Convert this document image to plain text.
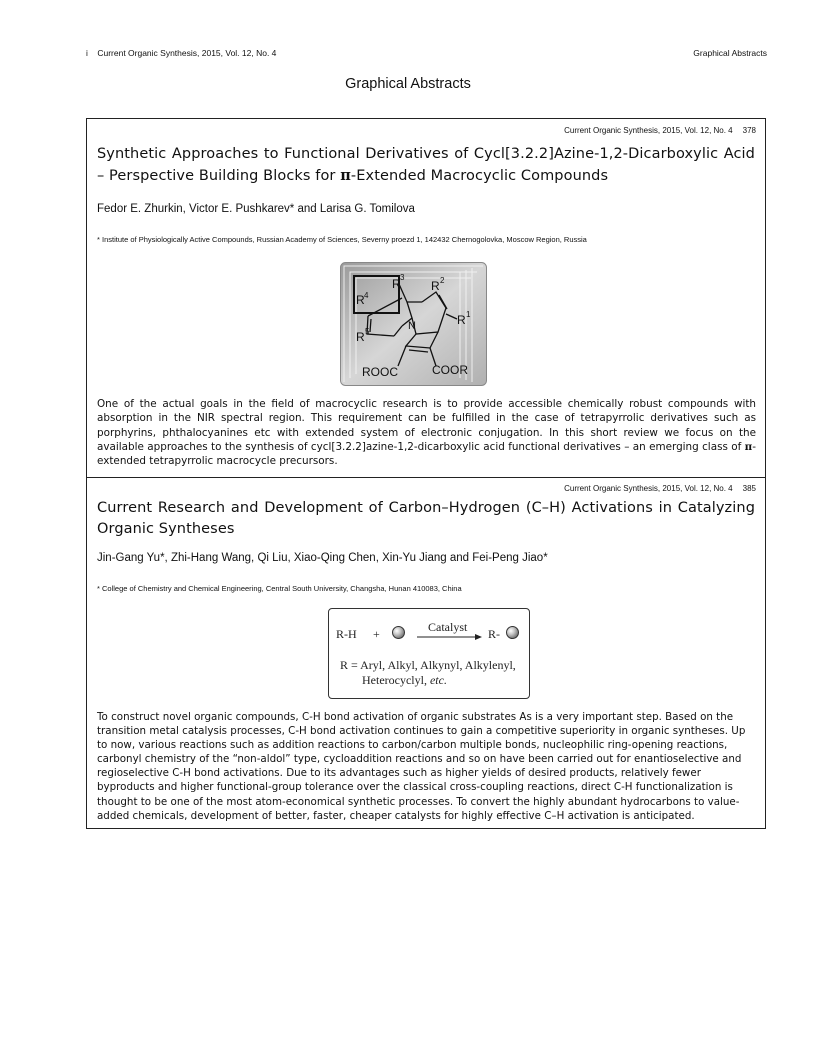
i    Current Organic Synthesis, 2015, Vol. 12, No. 4	Graphical Abstracts
Graphical Abstracts
Current Organic Synthesis, 2015, Vol. 12, No. 4 378
Synthetic Approaches to Functional Derivatives of Cycl[3.2.2]Azine-1,2-Dicarboxylic Acid – Perspective Building Blocks for π-Extended Macrocyclic Compounds
Fedor E. Zhurkin, Victor E. Pushkarev* and Larisa G. Tomilova
* Institute of Physiologically Active Compounds, Russian Academy of Sciences, Severny proezd 1, 142432 Chernogolovka, Moscow Region, Russia
R 4
R 3
R 2
R 1
R 5	N
ROOC	COOR
One of the actual goals in the field of macrocyclic research is to provide accessible chemically robust compounds with absorption in the NIR spectral region. This requirement can be fulfilled in the case of tetrapyrrolic derivatives such as porphyrins, phthalocyanines etc with extended system of electronic conjugation. In this short review we focus on the available approaches to the synthesis of cycl[3.2.2]azine-1,2-dicarboxylic acid functional derivatives – an emerging class of π-extended tetrapyrrolic macrocycle precursors.
Current Organic Synthesis, 2015, Vol. 12, No. 4 385
Current Research and Development of Carbon–Hydrogen (C–H) Activations in Catalyzing Organic Syntheses
Jin-Gang Yu*, Zhi-Hang Wang, Qi Liu, Xiao-Qing Chen, Xin-Yu Jiang and Fei-Peng Jiao*
* College of Chemistry and Chemical Engineering, Central South University, Changsha, Hunan 410083, China
R-H +	Catalyst R-
R = Aryl, Alkyl, Alkynyl, Alkylenyl,
Heterocyclyl, etc.
To construct novel organic compounds, C-H bond activation of organic substrates As is a very important step. Based on the transition metal catalysis processes, C-H bond activation continues to gain a competitive superiority in organic syntheses. Up to now, various reactions such as addition reactions to carbon/carbon multiple bonds, nucleophilic ring-opening reactions, carbonyl chemistry of the “non-aldol” type, cycloaddition reactions and so on have been carried out for enantioselective and regioselective C-H bond activations. Due to its advantages such as higher yields of desired products, relatively fewer byproducts and higher functional-group tolerance over the classical cross-coupling reactions, direct C-H functionalization is thought to be one of the most atom-economical synthetic processes. To convert the highly abundant hydrocarbons to value-added chemicals, development of better, faster, cheaper catalysts for highly effective C–H activation is anticipated.
